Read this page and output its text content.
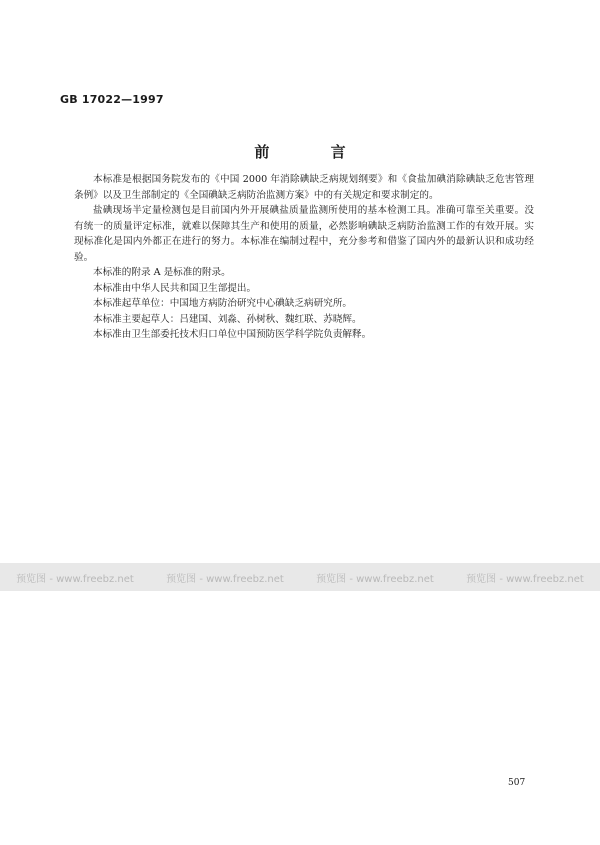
GB 17022—1997
前 言

本标准是根据国务院发布的《中国 2000 年消除碘缺乏病规划纲要》和《食盐加碘消除碘缺乏危害管理条例》以及卫生部制定的《全国碘缺乏病防治监测方案》中的有关规定和要求制定的。

盐碘现场半定量检测包是目前国内外开展碘盐质量监测所使用的基本检测工具。准确可靠至关重要。没有统一的质量评定标准，就难以保障其生产和使用的质量，必然影响碘缺乏病防治监测工作的有效开展。实现标准化是国内外都正在进行的努力。本标准在编制过程中，充分参考和借鉴了国内外的最新认识和成功经验。

本标准的附录 A 是标准的附录。

本标准由中华人民共和国卫生部提出。

本标准起草单位：中国地方病防治研究中心碘缺乏病研究所。

本标准主要起草人：吕建国、刘淼、孙树秋、魏红联、苏晓辉。

本标准由卫生部委托技术归口单位中国预防医学科学院负责解释。

预览图 - www.freebz.net	预览图 - www.freebz.net	预览图 - www.freebz.net	预览图 - www.freebz.net
507
